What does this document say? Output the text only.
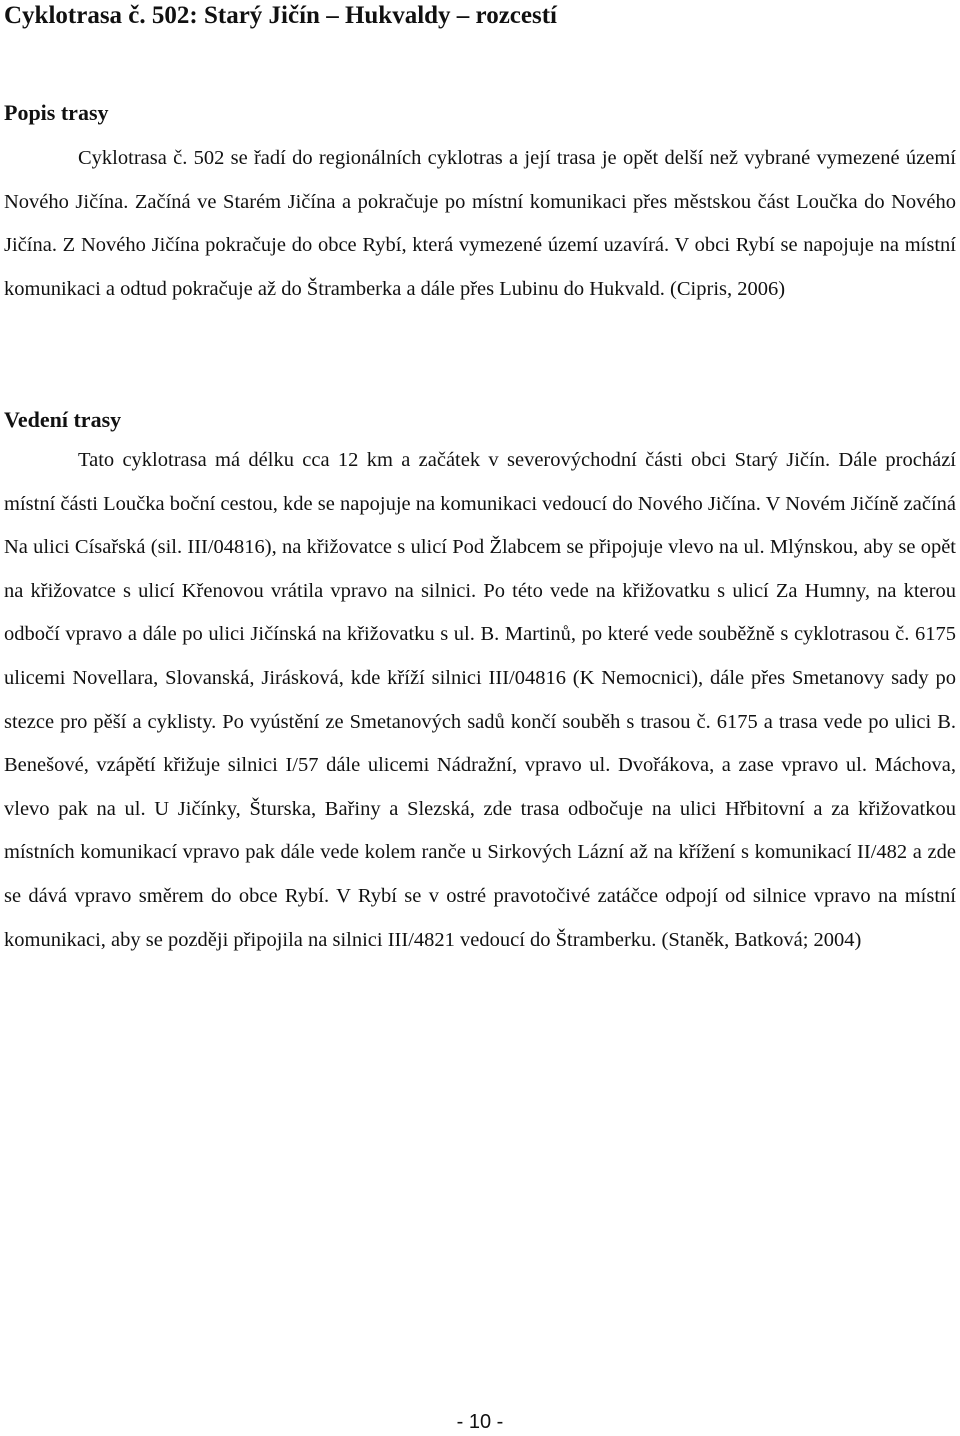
Cyklotrasa č. 502: Starý Jičín – Hukvaldy – rozcestí
Popis trasy

Cyklotrasa č. 502 se řadí do regionálních cyklotras a její trasa je opět delší než vybrané vymezené území Nového Jičína. Začíná ve Starém Jičína a pokračuje po místní komunikaci přes městskou část Loučka do Nového Jičína. Z Nového Jičína pokračuje do obce Rybí, která vymezené území uzavírá. V obci Rybí se napojuje na místní komunikaci a odtud pokračuje až do Štramberka a dále přes Lubinu do Hukvald. (Cipris, 2006)

Vedení trasy

Tato cyklotrasa má délku cca 12 km a začátek v severovýchodní části obci Starý Jičín. Dále prochází místní části Loučka boční cestou, kde se napojuje na komunikaci vedoucí do Nového Jičína. V Novém Jičíně začíná Na ulici Císařská (sil. III/04816), na křižovatce s ulicí Pod Žlabcem se připojuje vlevo na ul. Mlýnskou, aby se opět na křižovatce s ulicí Křenovou vrátila vpravo na silnici. Po této vede na křižovatku s ulicí Za Humny, na kterou odbočí vpravo a dále po ulici Jičínská na křižovatku s ul. B. Martinů, po které vede souběžně s cyklotrasou č. 6175 ulicemi Novellara, Slovanská, Jirásková, kde kříží silnici III/04816 (K Nemocnici), dále přes Smetanovy sady po stezce pro pěší a cyklisty. Po vyústění ze Smetanových sadů končí souběh s trasou č. 6175 a trasa vede po ulici B. Benešové, vzápětí křižuje silnici I/57 dále ulicemi Nádražní, vpravo ul. Dvořákova, a zase vpravo ul. Máchova, vlevo pak na ul. U Jičínky, Šturska, Bařiny a Slezská, zde trasa odbočuje na ulici Hřbitovní a za křižovatkou místních komunikací vpravo pak dále vede kolem ranče u Sirkových Lázní až na křížení s komunikací II/482 a zde se dává vpravo směrem do obce Rybí. V Rybí se v ostré pravotočivé zatáčce odpojí od silnice vpravo na místní komunikaci, aby se později připojila na silnici III/4821 vedoucí do Štramberku. (Staněk, Batková; 2004)

- 10 -
